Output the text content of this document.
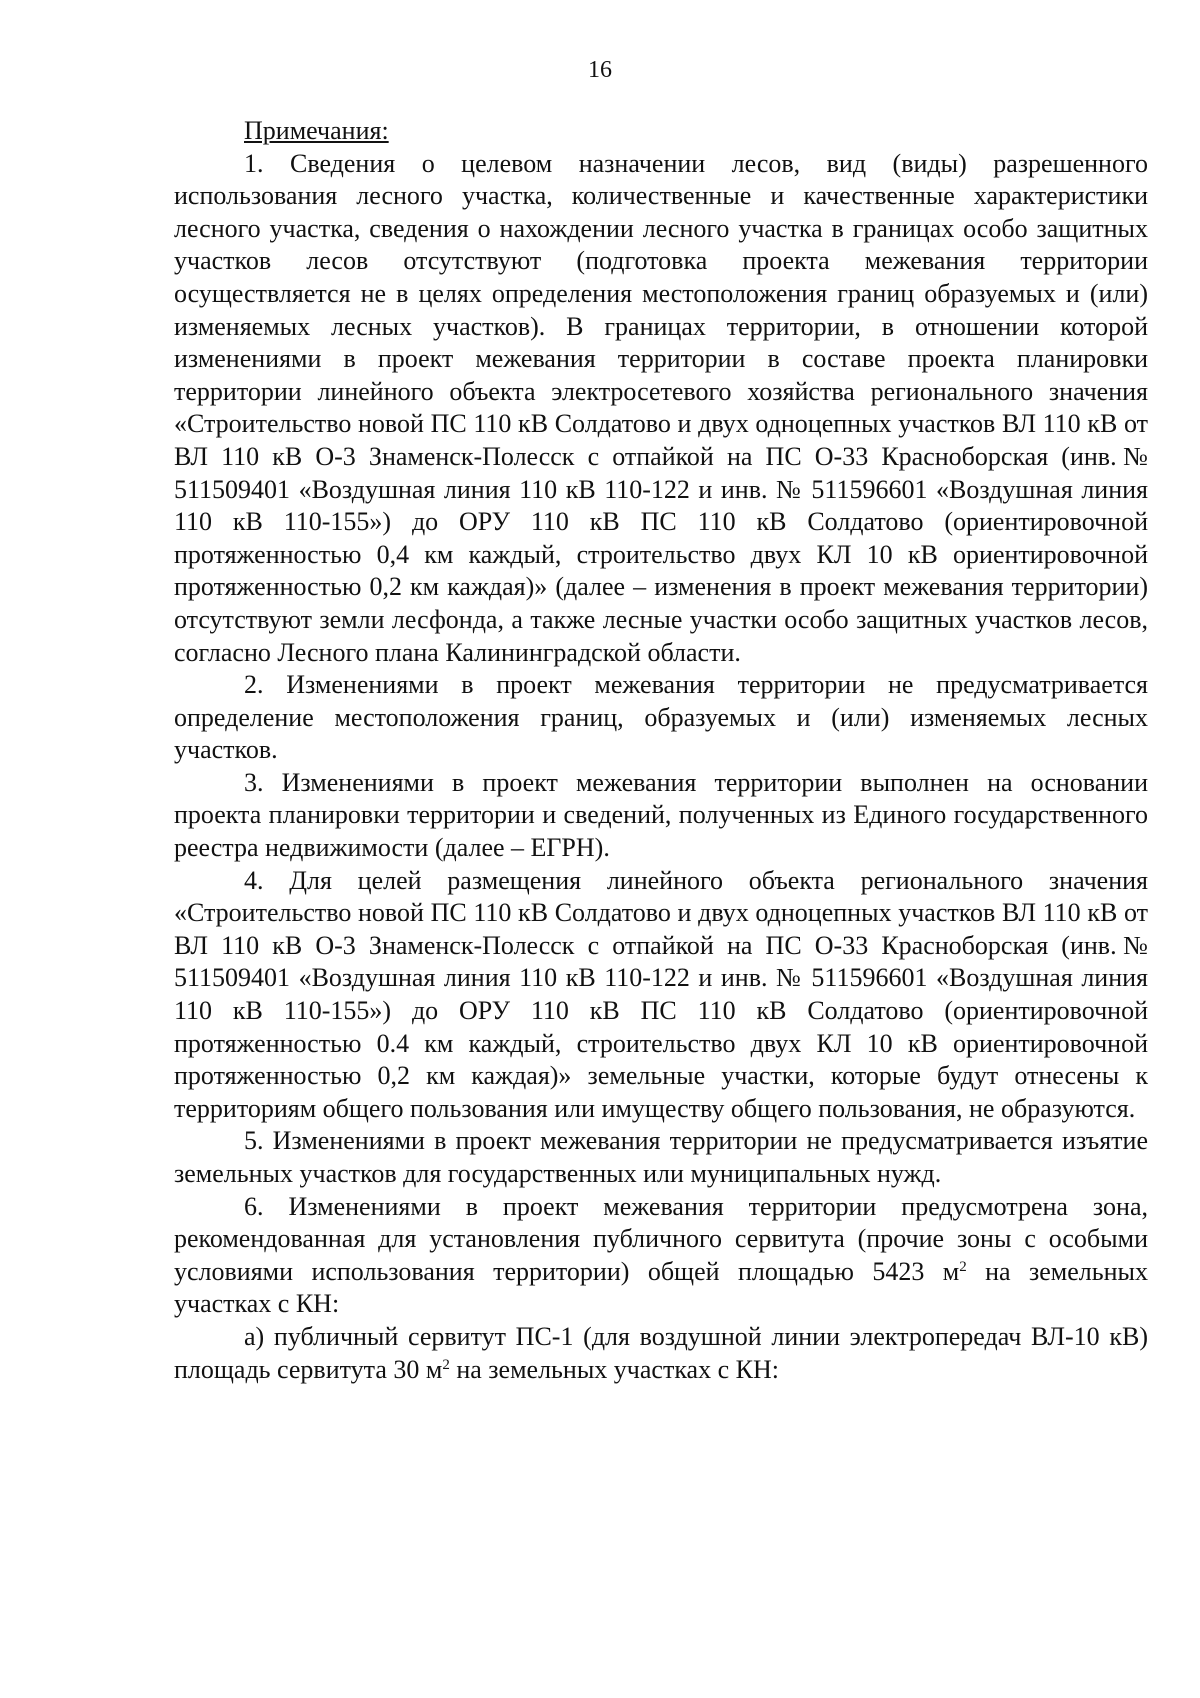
16

Примечания:

1. Сведения о целевом назначении лесов, вид (виды) разрешенного использования лесного участка, количественные и качественные характеристики лесного участка, сведения о нахождении лесного участка в границах особо защитных участков лесов отсутствуют (подготовка проекта межевания территории осуществляется не в целях определения местоположения границ образуемых и (или) изменяемых лесных участков). В границах территории, в отношении которой изменениями в проект межевания территории в составе проекта планировки территории линейного объекта электросетевого хозяйства регионального значения «Строительство новой ПС 110 кВ Солдатово и двух одноцепных участков ВЛ 110 кВ от ВЛ 110 кВ О-3 Знаменск-Полесск с отпайкой на ПС О-33 Красноборская (инв.№ 511509401 «Воздушная линия 110 кВ 110-122 и инв. № 511596601 «Воздушная линия 110 кВ 110-155») до ОРУ 110 кВ ПС 110 кВ Солдатово (ориентировочной протяженностью 0,4 км каждый, строительство двух КЛ 10 кВ ориентировочной протяженностью 0,2 км каждая)» (далее – изменения в проект межевания территории) отсутствуют земли лесфонда, а также лесные участки особо защитных участков лесов, согласно Лесного плана Калининградской области.

2. Изменениями в проект межевания территории не предусматривается определение местоположения границ, образуемых и (или) изменяемых лесных участков.

3. Изменениями в проект межевания территории выполнен на основании проекта планировки территории и сведений, полученных из Единого государственного реестра недвижимости (далее – ЕГРН).

4. Для целей размещения линейного объекта регионального значения «Строительство новой ПС 110 кВ Солдатово и двух одноцепных участков ВЛ 110 кВ от ВЛ 110 кВ О-3 Знаменск-Полесск с отпайкой на ПС О-33 Красноборская (инв.№ 511509401 «Воздушная линия 110 кВ 110-122 и инв. № 511596601 «Воздушная линия 110 кВ 110-155») до ОРУ 110 кВ ПС 110 кВ Солдатово (ориентировочной протяженностью 0.4 км каждый, строительство двух КЛ 10 кВ ориентировочной протяженностью 0,2 км каждая)» земельные участки, которые будут отнесены к территориям общего пользования или имуществу общего пользования, не образуются.

5. Изменениями в проект межевания территории не предусматривается изъятие земельных участков для государственных или муниципальных нужд.

6. Изменениями в проект межевания территории предусмотрена зона, рекомендованная для установления публичного сервитута (прочие зоны с особыми условиями использования территории) общей площадью 5423 $м^2$ на земельных участках с КН:

а) публичный сервитут ПС-1 (для воздушной линии электропередач ВЛ-10 кВ) площадь сервитута 30 $м^2$ на земельных участках с КН:
